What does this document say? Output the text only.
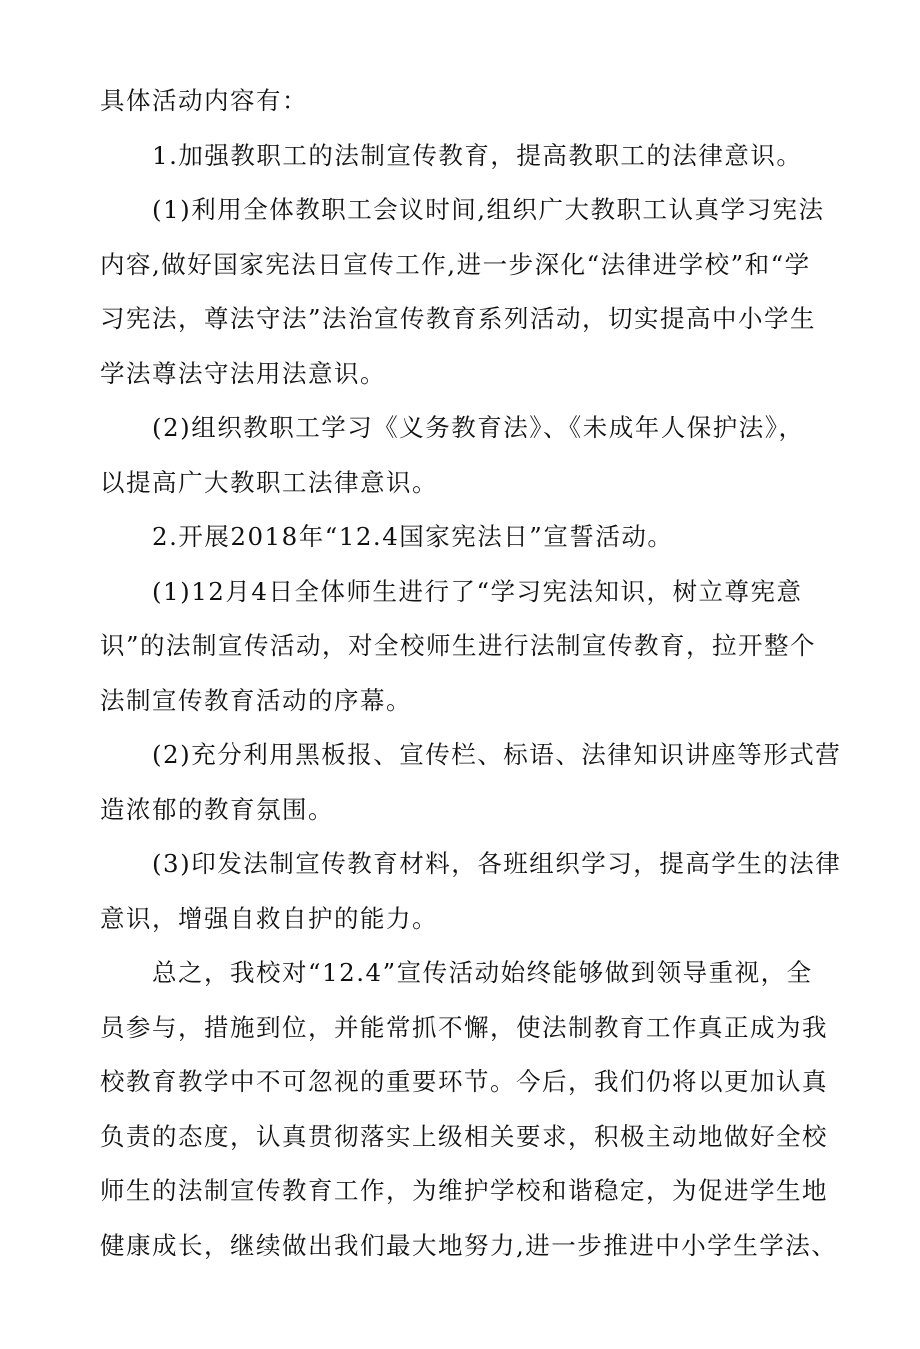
具体活动内容有：
1.加强教职工的法制宣传教育，提高教职工的法律意识。
(1)利用全体教职工会议时间,组织广大教职工认真学习宪法
内容,做好国家宪法日宣传工作,进一步深化“法律进学校”和“学
习宪法，尊法守法”法治宣传教育系列活动，切实提高中小学生
学法尊法守法用法意识。
(2)组织教职工学习《义务教育法》、《未成年人保护法》，
以提高广大教职工法律意识。
2.开展2018年“12.4国家宪法日”宣誓活动。
(1)12月4日全体师生进行了“学习宪法知识，树立尊宪意
识”的法制宣传活动，对全校师生进行法制宣传教育，拉开整个
法制宣传教育活动的序幕。
(2)充分利用黑板报、宣传栏、标语、法律知识讲座等形式营
造浓郁的教育氛围。
(3)印发法制宣传教育材料，各班组织学习，提高学生的法律
意识，增强自救自护的能力。
总之，我校对“12.4”宣传活动始终能够做到领导重视，全
员参与，措施到位，并能常抓不懈，使法制教育工作真正成为我
校教育教学中不可忽视的重要环节。今后，我们仍将以更加认真
负责的态度，认真贯彻落实上级相关要求，积极主动地做好全校
师生的法制宣传教育工作，为维护学校和谐稳定，为促进学生地
健康成长，继续做出我们最大地努力,进一步推进中小学生学法、
